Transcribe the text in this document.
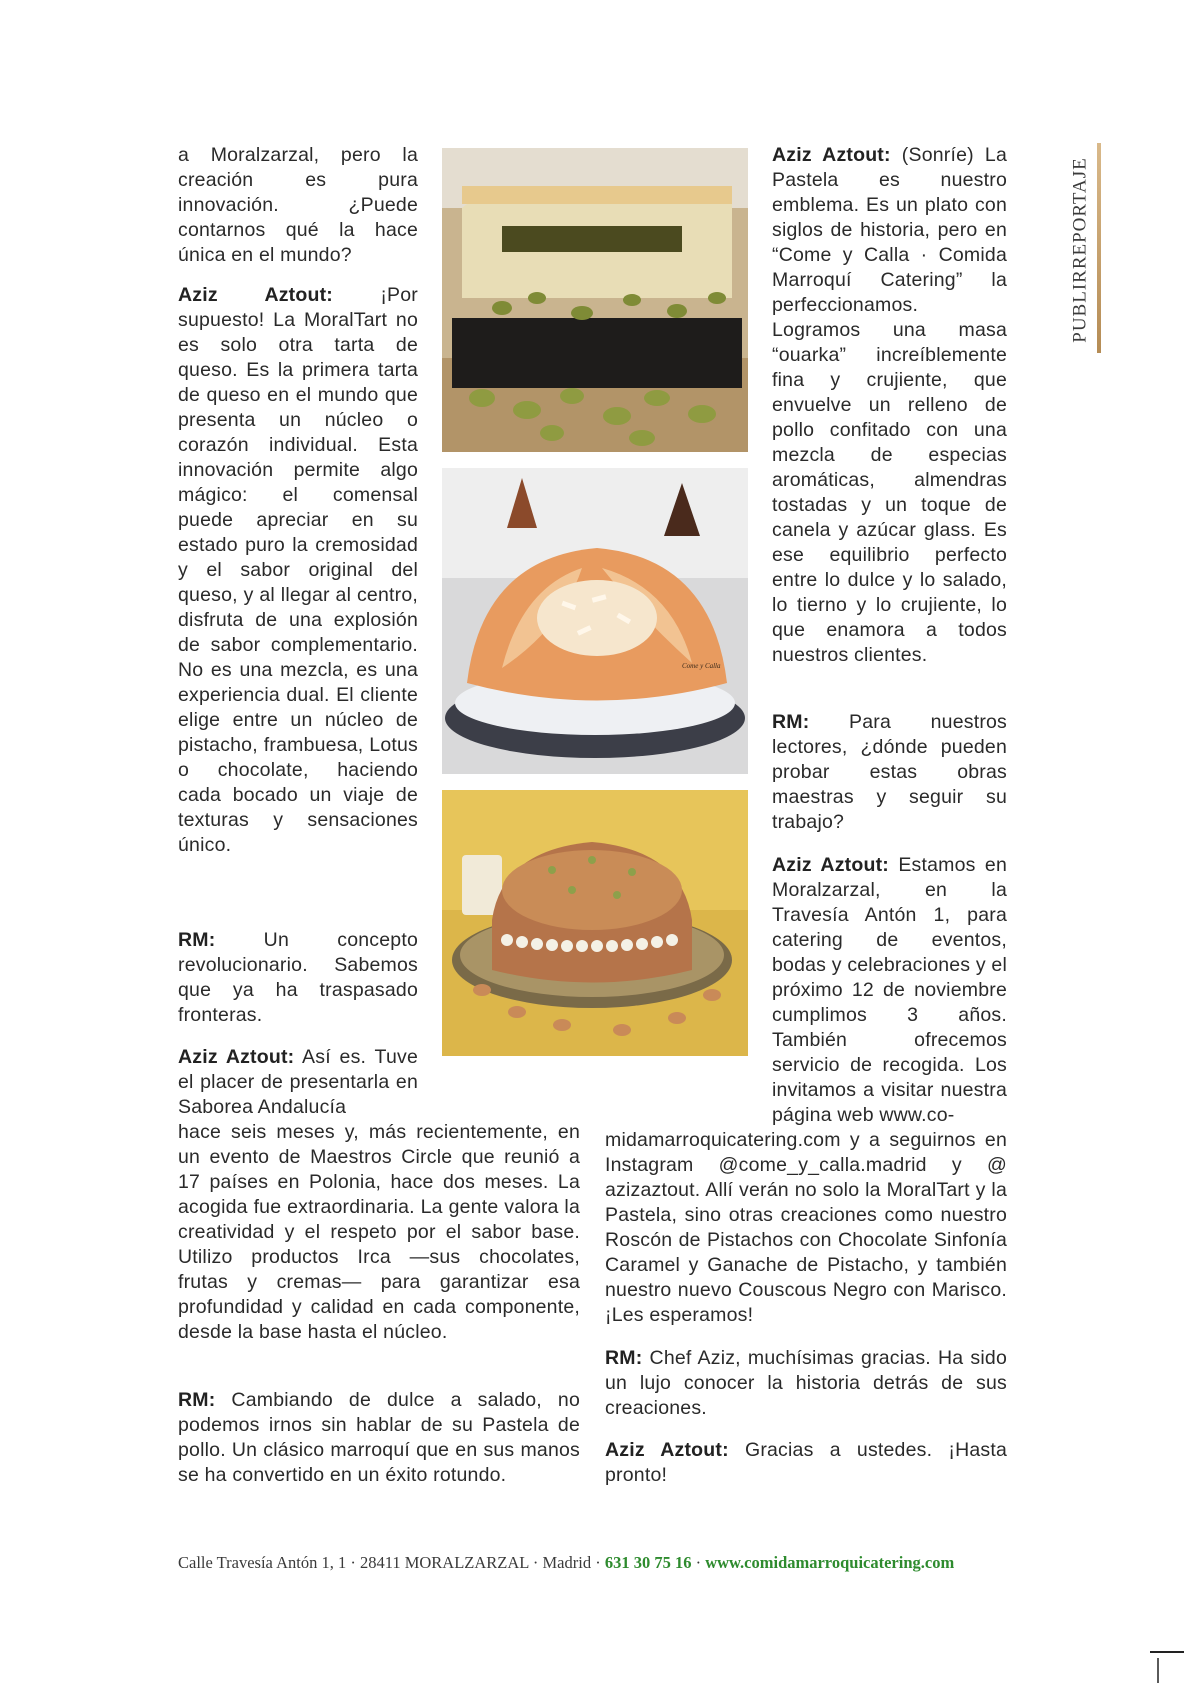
a Moralzarzal, pero la creación es pura innovación. ¿Puede contarnos qué la hace única en el mundo?

Aziz Aztout: ¡Por supuesto! La MoralTart no es solo otra tarta de queso. Es la primera tarta de queso en el mundo que presenta un núcleo o corazón individual. Esta innovación permite algo mágico: el comensal puede apreciar en su estado puro la cremosidad y el sabor original del queso, y al llegar al centro, disfruta de una explosión de sabor complementario. No es una mezcla, es una experiencia dual. El cliente elige entre un núcleo de pistacho, frambuesa, Lotus o chocolate, haciendo cada bocado un viaje de texturas y sensaciones único.

RM: Un concepto revolucionario. Sabemos que ya ha traspasado fronteras.

Aziz Aztout: Así es. Tuve el placer de presentarla en Saborea Andalucía

hace seis meses y, más recientemente, en un evento de Maestros Circle que reunió a 17 países en Polonia, hace dos meses. La acogida fue extraordinaria. La gente valora la creatividad y el respeto por el sabor base. Utilizo productos Irca —sus chocolates, frutas y cremas— para garantizar esa profundidad y calidad en cada componente, desde la base hasta el núcleo.

RM: Cambiando de dulce a salado, no podemos irnos sin hablar de su Pastela de pollo. Un clásico marroquí que en sus manos se ha convertido en un éxito rotundo.

Come y Calla

Aziz Aztout: (Sonríe) La Pastela es nuestro emblema. Es un plato con siglos de historia, pero en “Come y Calla · Comida Marroquí Catering” la perfeccionamos. Logramos una masa “ouarka” increíblemente fina y crujiente, que envuelve un relleno de pollo confitado con una mezcla de especias aromáticas, almendras tostadas y un toque de canela y azúcar glass. Es ese equilibrio perfecto entre lo dulce y lo salado, lo tierno y lo crujiente, lo que enamora a todos nuestros clientes.

RM: Para nuestros lectores, ¿dónde pueden probar estas obras maestras y seguir su trabajo?

Aziz Aztout: Estamos en Moralzarzal, en la Travesía Antón 1, para catering de eventos, bodas y celebraciones y el próximo 12 de noviembre cumplimos 3 años. También ofrecemos servicio de recogida. Los invitamos a visitar nuestra página web www.co-

midamarroquicatering.com y a seguirnos en Instagram @come_y_calla.madrid y @ azizaztout. Allí verán no solo la MoralTart y la Pastela, sino otras creaciones como nuestro Roscón de Pistachos con Chocolate Sinfonía Caramel y Ganache de Pistacho, y también nuestro nuevo Couscous Negro con Marisco. ¡Les esperamos!

RM: Chef Aziz, muchísimas gracias. Ha sido un lujo conocer la historia detrás de sus creaciones.

Aziz Aztout: Gracias a ustedes. ¡Hasta pronto!

PUBLIRREPORTAJE
Calle Travesía Antón 1, 1 · 28411 MORALZARZAL · Madrid · 631 30 75 16 · www.comidamarroquicatering.com
